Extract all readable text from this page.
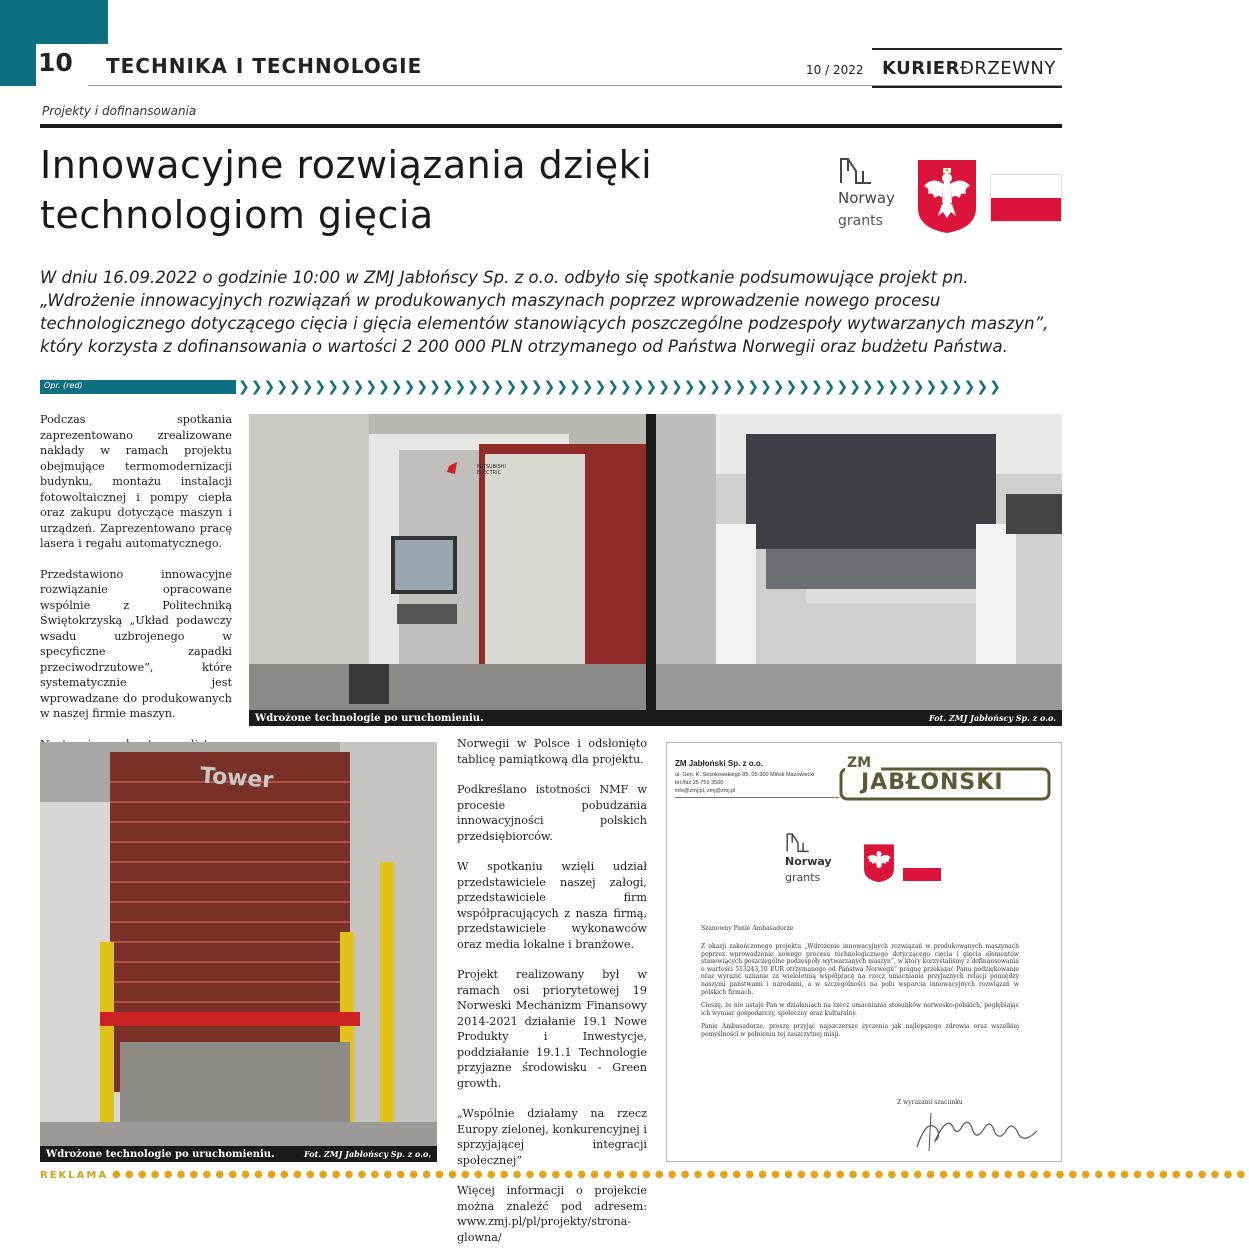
10	TECHNIKA I TECHNOLOGIE	10 / 2022 KURIERĐRZEWNY
Projekty i dofinansowania
Innowacyjne rozwiązania dzięki
technologiom gięcia	Norway
grants
W dniu 16.09.2022 o godzinie 10:00 w ZMJ Jabłońscy Sp. z o.o. odbyło się spotkanie podsumowujące projekt pn. „Wdrożenie innowacyjnych rozwiązań w produkowanych maszynach poprzez wprowadzenie nowego procesu technologicznego dotyczącego cięcia i gięcia elementów stanowiących poszczególne podzespoły wytwarzanych maszyn”, który korzysta z dofinansowania o wartości 2 200 000 PLN otrzymanego od Państwa Norwegii oraz budżetu Państwa.
Opr. (red)	❯❯❯❯❯❯❯❯❯❯❯❯❯❯❯❯❯❯❯❯❯❯❯❯❯❯❯❯❯❯❯❯❯❯❯❯❯❯❯❯❯❯❯❯❯❯❯❯❯❯❯❯❯❯❯❯❯❯❯❯

Podczas spotkania zaprezentowano zrealizowane nakłady w ramach projektu obejmujące termomodernizacji budynku, montażu instalacji fotowoltaicznej i pompy ciepła oraz zakupu dotyczące maszyn i urządzeń. Zaprezentowano pracę lasera i regału automatycznego.

Przedstawiono innowacyjne rozwiązanie opracowane wspólnie z Politechniką Świętokrzyską „Układ podawczy wsadu uzbrojenego w specyficzne zapadki przeciwodrzutowe”, które systematycznie jest wprowadzane do produkowanych w naszej firmie maszyn.

MITSUBISHI ELECTRIC
Wdrożone technologie po uruchomieniu.	Fot. ZMJ Jabłońscy Sp. z o.o.
Tower
Wdrożone technologie po uruchomieniu.	Fot. ZMJ Jabłońscy Sp. z o.o.

Norwegii w Polsce i odsłonięto tablicę pamiątkową dla projektu.

Podkreślano istotności NMF w procesie pobudzania innowacyjności polskich przedsiębiorców.

W spotkaniu wzięli udział przedstawiciele naszej załogi, przedstawiciele firm współpracujących z nasza firmą, przedstawiciele wykonawców oraz media lokalne i branżowe.

Projekt realizowany był w ramach osi priorytetowej 19 Norweski Mechanizm Finansowy 2014-2021 działanie 19.1 Nowe Produkty i Inwestycje, poddziałanie 19.1.1 Technologie przyjazne środowisku - Green growth.

„Wspólnie działamy na rzecz Europy zielonej, konkurencyjnej i sprzyjającej integracji społecznej”

Więcej informacji o projekcie można znaleźć pod adresem: www.zmj.pl/pl/projekty/strona-glowna/

ZM Jabłoński Sp. z o.o.
ul. Gen. K. Sosnkowskiego 85, 05-300 Mińsk Mazowiecki
tel./fax 25 759 3500
info@zmj.pl, zmj@zmj.pl
ZM
JABŁOŃSKI
Norway
grants
Szanowny Panie Ambasadorze

Z okazji zakończonego projektu „Wdrożenie innowacyjnych rozwiązań w produkowanych maszynach poprzez wprowadzenie nowego procesu technologicznego dotyczącego cięcia i gięcia elementów stanowiących poszczególne podzespoły wytwarzanych maszyn”, w który korzystaliśmy z dofinansowania o wartości 513243,10 EUR otrzymanego od Państwa Norwegii” pragnę przekazać Panu podziękowanie oraz wyrazić uznanie za wieloletnią współpracę na rzecz umacniania przyjaznych relacji pomiędzy naszymi państwami i narodami, a w szczególności na polu wsparcia innowacyjnych rozwiązań w polskich firmach.

Cieszę, że nie ustaje Pan w działaniach na rzecz umacniania stosunków norwesko-polskich, pogłębiając ich wymiar gospodarczy, społeczny oraz kulturalny.

Panie Ambasadorze, proszę przyjąć najszczersze życzenia jak najlepszego zdrowia oraz wszelkiej pomyślności w pełnieniu tej zaszczytnej misji.

Z wyrazami szacunku
REKLAMA ●●●●●●●●●●●●●●●●●●●●●●●●●●●●●●●●●●●●●●●●●●●●●●●●●●●●●●●●●●●●●●●●●●●●●●●●●●●●●●●●●●●●●●●●
